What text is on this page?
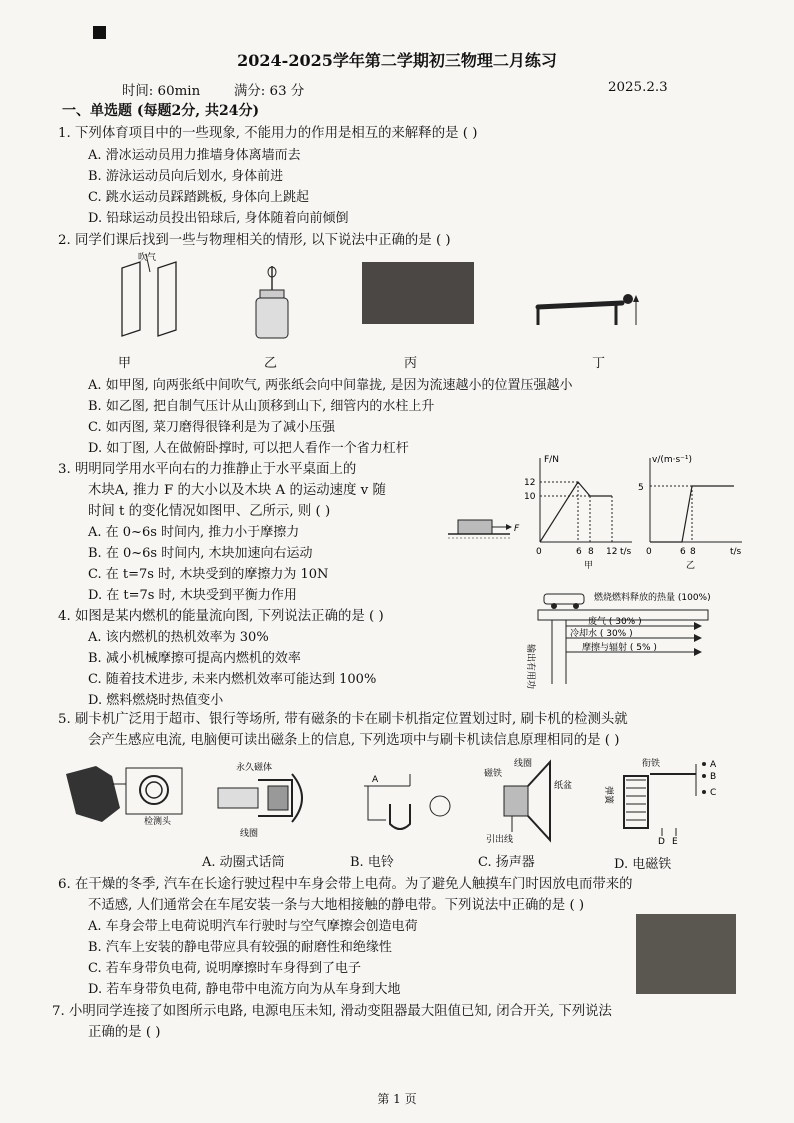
2024-2025学年第二学期初三物理二月练习
时间: 60min	满分: 63 分	2025.2.3
一、单选题 (每题2分, 共24分)
1. 下列体育项目中的一些现象, 不能用力的作用是相互的来解释的是 ( )
A. 滑冰运动员用力推墙身体离墙而去
B. 游泳运动员向后划水, 身体前进
C. 跳水运动员踩踏跳板, 身体向上跳起
D. 铅球运动员投出铅球后, 身体随着向前倾倒
2. 同学们课后找到一些与物理相关的情形, 以下说法中正确的是 ( )
吹气
甲	乙	丙	丁
A. 如甲图, 向两张纸中间吹气, 两张纸会向中间靠拢, 是因为流速越小的位置压强越小
B. 如乙图, 把自制气压计从山顶移到山下, 细管内的水柱上升
C. 如丙图, 菜刀磨得很锋利是为了减小压强
D. 如丁图, 人在做俯卧撑时, 可以把人看作一个省力杠杆
3. 明明同学用水平向右的力推静止于水平桌面上的
木块A, 推力 F 的大小以及木块 A 的运动速度 v 随
时间 t 的变化情况如图甲、乙所示, 则 ( )
A. 在 0~6s 时间内, 推力小于摩擦力
B. 在 0~6s 时间内, 木块加速向右运动
C. 在 t=7s 时, 木块受到的摩擦力为 10N
D. 在 t=7s 时, 木块受到平衡力作用
F
F/N
t/s
12
10
0	6 8 12
甲
v/(m·s⁻¹)
t/s
5
0	6 8
乙
4. 如图是某内燃机的能量流向图, 下列说法正确的是 ( )
A. 该内燃机的热机效率为 30%
B. 减小机械摩擦可提高内燃机的效率
C. 随着技术进步, 未来内燃机效率可能达到 100%
D. 燃料燃烧时热值变小
燃烧燃料释放的热量 (100%)
废气 ( 30% )
冷却水 ( 30% )
摩擦与辐射 ( 5% )
输出有用功
5. 刷卡机广泛用于超市、银行等场所, 带有磁条的卡在刷卡机指定位置划过时, 刷卡机的检测头就
会产生感应电流, 电脑便可读出磁条上的信息, 下列选项中与刷卡机读信息原理相同的是 ( )
检测头
永久磁体
线圈
A
磁铁
线圈
纸盆
引出线
衔铁
弹簧
A
B
C
D E
A. 动圈式话筒	B. 电铃	C. 扬声器	D. 电磁铁
6. 在干燥的冬季, 汽车在长途行驶过程中车身会带上电荷。为了避免人触摸车门时因放电而带来的
不适感, 人们通常会在车尾安装一条与大地相接触的静电带。下列说法中正确的是 ( )
A. 车身会带上电荷说明汽车行驶时与空气摩擦会创造电荷
B. 汽车上安装的静电带应具有较强的耐磨性和绝缘性
C. 若车身带负电荷, 说明摩擦时车身得到了电子
D. 若车身带负电荷, 静电带中电流方向为从车身到大地
7. 小明同学连接了如图所示电路, 电源电压未知, 滑动变阻器最大阻值已知, 闭合开关, 下列说法
正确的是 ( )
第 1 页
